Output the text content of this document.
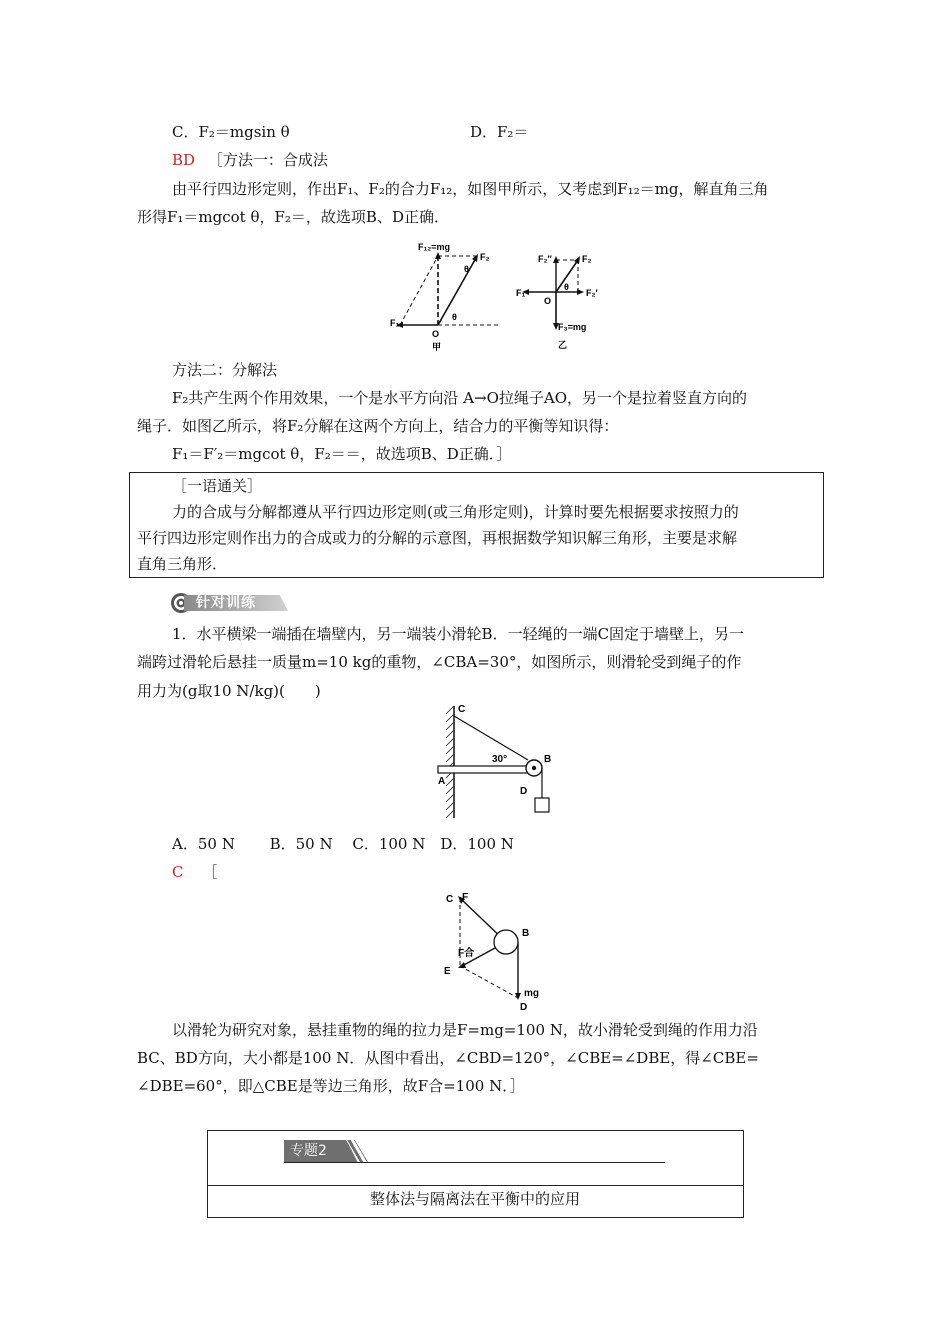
C．F₂＝mgsin θ	D．F₂＝
BD ［方法一：合成法
由平行四边形定则，作出F₁、F₂的合力F₁₂，如图甲所示，又考虑到F₁₂＝mg，解直角三角
形得F₁＝mgcot θ，F₂＝，故选项B、D正确．
F₁₂=mg
F₂
F₁
O
θ
θ
甲
F₂″	F₂
F₁
O
θ
F₂′
F₃=mg
乙
方法二：分解法
F₂共产生两个作用效果，一个是水平方向沿 A→O拉绳子AO，另一个是拉着竖直方向的
绳子．如图乙所示，将F₂分解在这两个方向上，结合力的平衡等知识得：
F₁＝F′₂＝mgcot θ，F₂＝＝，故选项B、D正确．］
［一语通关］
力的合成与分解都遵从平行四边形定则(或三角形定则)，计算时要先根据要求按照力的
平行四边形定则作出力的合成或力的分解的示意图，再根据数学知识解三角形，主要是求解
直角三角形．
针对训练
1．水平横梁一端插在墙壁内，另一端装小滑轮B．一轻绳的一端C固定于墙壁上，另一
端跨过滑轮后悬挂一质量m=10 kg的重物，∠CBA=30°，如图所示，则滑轮受到绳子的作
用力为(g取10 N/kg)(　　)
C
B
A
D
30°
A．50 N　　 B．50 N　 C．100 N　D．100 N
C ［
C F
B
F合
E
mg
D
以滑轮为研究对象，悬挂重物的绳的拉力是F=mg=100 N，故小滑轮受到绳的作用力沿
BC、BD方向，大小都是100 N．从图中看出，∠CBD=120°，∠CBE=∠DBE，得∠CBE=
∠DBE=60°，即△CBE是等边三角形，故F合=100 N．］
专题2
整体法与隔离法在平衡中的应用
